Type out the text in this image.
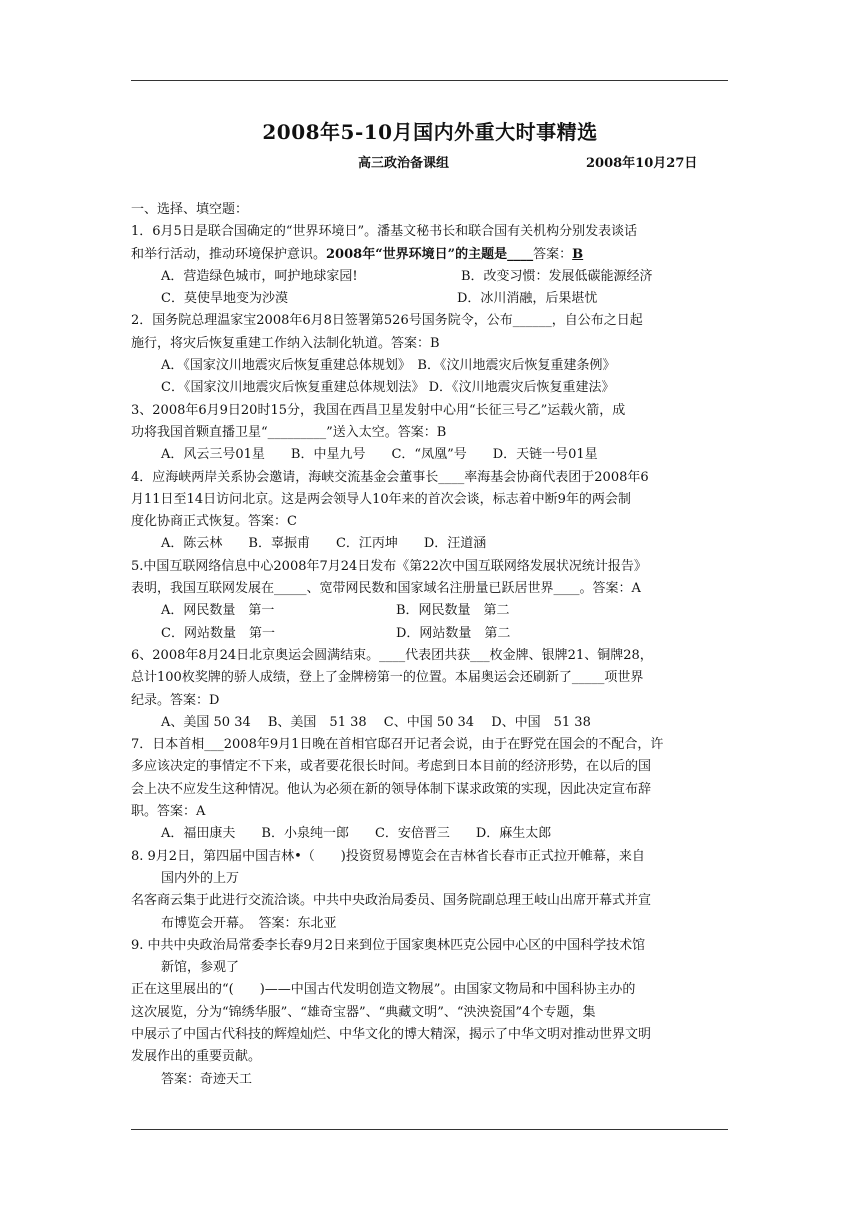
2008年5-10月国内外重大时事精选
高三政治备课组	2008年10月27日
一、选择、填空题：
1．6月5日是联合国确定的“世界环境日”。潘基文秘书长和联合国有关机构分别发表谈话
和举行活动，推动环境保护意识。2008年“世界环境日”的主题是____答案：B
A．营造绿色城市，呵护地球家园!	B．改变习惯：发展低碳能源经济
C．莫使旱地变为沙漠	D．冰川消融，后果堪忧
2．国务院总理温家宝2008年6月8日签署第526号国务院令，公布______，自公布之日起
施行，将灾后恢复重建工作纳入法制化轨道。答案：B
A．《国家汶川地震灾后恢复重建总体规划》　B．《汶川地震灾后恢复重建条例》
C．《国家汶川地震灾后恢复重建总体规划法》 D．《汶川地震灾后恢复重建法》
3、2008年6月9日20时15分，我国在西昌卫星发射中心用“长征三号乙”运载火箭，成
功将我国首颗直播卫星“_________”送入太空。答案：B
A．风云三号01星　　B．中星九号　　C．“凤凰”号　　D．天链一号01星
4．应海峡两岸关系协会邀请，海峡交流基金会董事长____率海基会协商代表团于2008年6
月11日至14日访问北京。这是两会领导人10年来的首次会谈，标志着中断9年的两会制
度化协商正式恢复。答案：C
A．陈云林　　B．辜振甫　　C．江丙坤　　D．汪道涵
5.中国互联网络信息中心2008年7月24日发布《第22次中国互联网络发展状况统计报告》
表明，我国互联网发展在_____、宽带网民数和国家域名注册量已跃居世界____。答案：A
A．网民数量　第一	B．网民数量　第二
C．网站数量　第一	D．网站数量　第二
6、2008年8月24日北京奥运会圆满结束。____代表团共获___枚金牌、银牌21、铜牌28，
总计100枚奖牌的骄人成绩，登上了金牌榜第一的位置。本届奥运会还刷新了_____项世界
纪录。答案：D
A、美国 50 34　 B、美国　51 38　 C、中国 50 34　 D、中国　51 38
7．日本首相___2008年9月1日晚在首相官邸召开记者会说，由于在野党在国会的不配合，许
多应该决定的事情定不下来，或者要花很长时间。考虑到日本目前的经济形势，在以后的国
会上决不应发生这种情况。他认为必须在新的领导体制下谋求政策的实现，因此决定宣布辞
职。答案：A
A．福田康夫　　B．小泉纯一郎　　C．安倍晋三　　D．麻生太郎
8. 9月2日，第四届中国吉林•（　　)投资贸易博览会在吉林省长春市正式拉开帷幕，来自
国内外的上万
名客商云集于此进行交流洽谈。中共中央政治局委员、国务院副总理王岐山出席开幕式并宣
布博览会开幕。　答案：东北亚
9. 中共中央政治局常委李长春9月2日来到位于国家奥林匹克公园中心区的中国科学技术馆
新馆，参观了
正在这里展出的“(　　)——中国古代发明创造文物展”。由国家文物局和中国科协主办的
这次展览，分为“锦绣华服”、“雄奇宝器”、“典藏文明”、“泱泱瓷国”4个专题，集
中展示了中国古代科技的辉煌灿烂、中华文化的博大精深，揭示了中华文明对推动世界文明
发展作出的重要贡献。
答案：奇迹天工
